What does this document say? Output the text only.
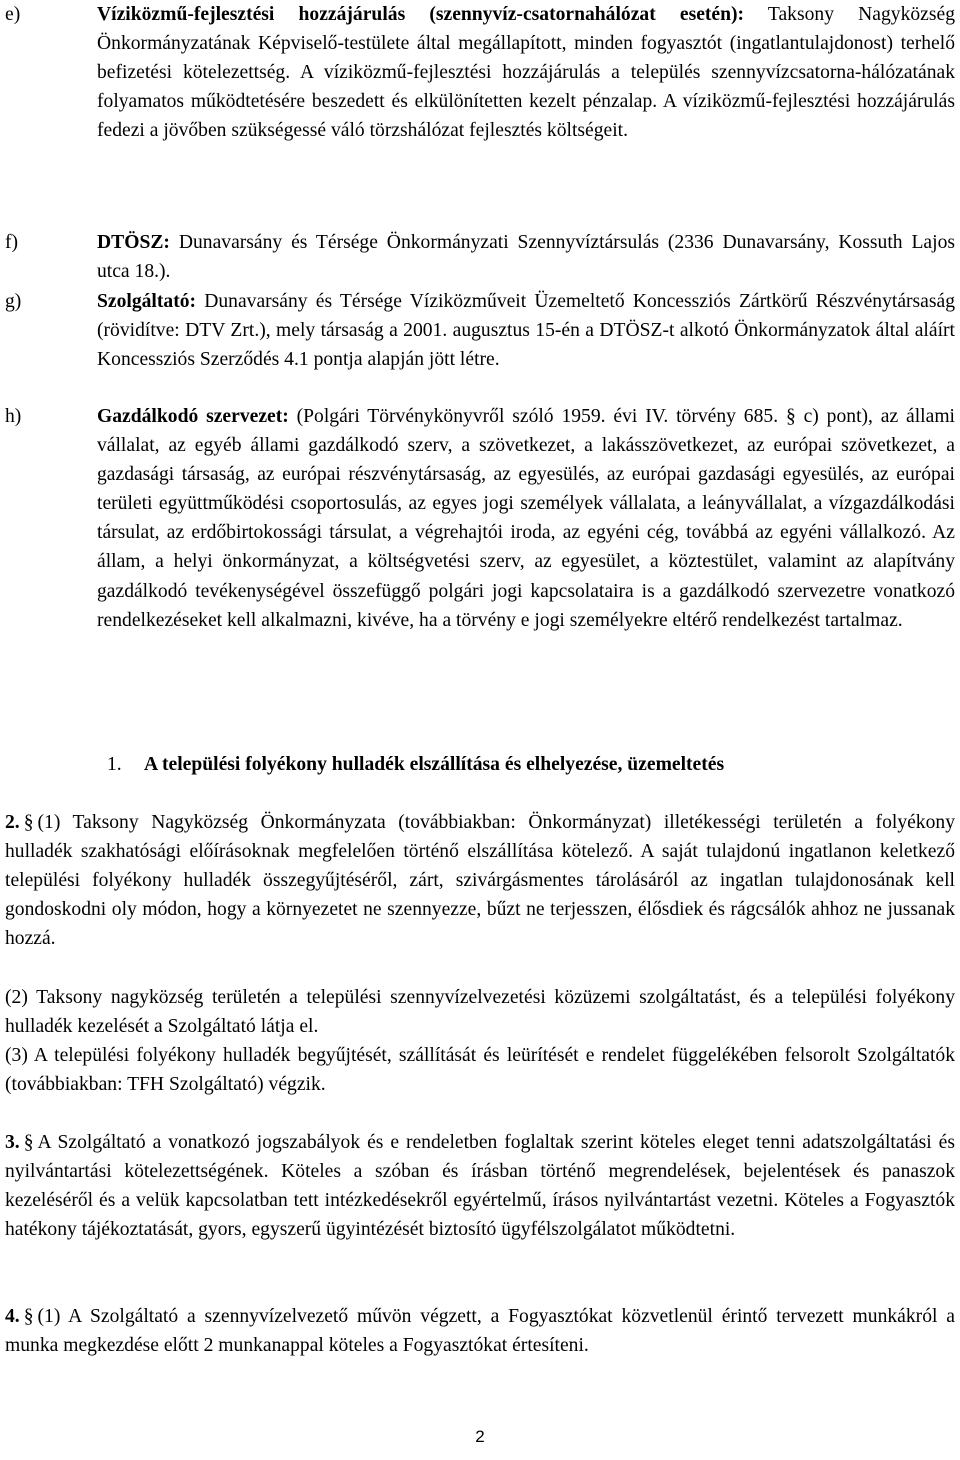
e)	Víziközmű-fejlesztési hozzájárulás (szennyvíz-csatornahálózat esetén): Taksony Nagyközség Önkormányzatának Képviselő-testülete által megállapított, minden fogyasztót (ingatlantulajdonost) terhelő befizetési kötelezettség. A víziközmű-fejlesztési hozzájárulás a település szennyvízcsatorna-hálózatának folyamatos működtetésére beszedett és elkülönítetten kezelt pénzalap. A víziközmű-fejlesztési hozzájárulás fedezi a jövőben szükségessé váló törzshálózat fejlesztés költségeit.

f)	DTÖSZ: Dunavarsány és Térsége Önkormányzati Szennyvíztársulás (2336 Dunavarsány, Kossuth Lajos utca 18.).

g)	Szolgáltató: Dunavarsány és Térsége Víziközműveit Üzemeltető Koncessziós Zártkörű Részvénytársaság (rövidítve: DTV Zrt.), mely társaság a 2001. augusztus 15-én a DTÖSZ-t alkotó Önkormányzatok által aláírt Koncessziós Szerződés 4.1 pontja alapján jött létre.

h)	Gazdálkodó szervezet: (Polgári Törvénykönyvről szóló 1959. évi IV. törvény 685. § c) pont), az állami vállalat, az egyéb állami gazdálkodó szerv, a szövetkezet, a lakásszövetkezet, az európai szövetkezet, a gazdasági társaság, az európai részvénytársaság, az egyesülés, az európai gazdasági egyesülés, az európai területi együttműködési csoportosulás, az egyes jogi személyek vállalata, a leányvállalat, a vízgazdálkodási társulat, az erdőbirtokossági társulat, a végrehajtói iroda, az egyéni cég, továbbá az egyéni vállalkozó. Az állam, a helyi önkormányzat, a költségvetési szerv, az egyesület, a köztestület, valamint az alapítvány gazdálkodó tevékenységével összefüggő polgári jogi kapcsolataira is a gazdálkodó szervezetre vonatkozó rendelkezéseket kell alkalmazni, kivéve, ha a törvény e jogi személyekre eltérő rendelkezést tartalmaz.

1. A települési folyékony hulladék elszállítása és elhelyezése, üzemeltetés

2. § (1) Taksony Nagyközség Önkormányzata (továbbiakban: Önkormányzat) illetékességi területén a folyékony hulladék szakhatósági előírásoknak megfelelően történő elszállítása kötelező. A saját tulajdonú ingatlanon keletkező települési folyékony hulladék összegyűjtéséről, zárt, szivárgásmentes tárolásáról az ingatlan tulajdonosának kell gondoskodni oly módon, hogy a környezetet ne szennyezze, bűzt ne terjesszen, élősdiek és rágcsálók ahhoz ne jussanak hozzá.

(2) Taksony nagyközség területén a települési szennyvízelvezetési közüzemi szolgáltatást, és a települési folyékony hulladék kezelését a Szolgáltató látja el.

(3) A települési folyékony hulladék begyűjtését, szállítását és leürítését e rendelet függelékében felsorolt Szolgáltatók (továbbiakban: TFH Szolgáltató) végzik.

3. § A Szolgáltató a vonatkozó jogszabályok és e rendeletben foglaltak szerint köteles eleget tenni adatszolgáltatási és nyilvántartási kötelezettségének. Köteles a szóban és írásban történő megrendelések, bejelentések és panaszok kezeléséről és a velük kapcsolatban tett intézkedésekről egyértelmű, írásos nyilvántartást vezetni. Köteles a Fogyasztók hatékony tájékoztatását, gyors, egyszerű ügyintézését biztosító ügyfélszolgálatot működtetni.

4. § (1) A Szolgáltató a szennyvízelvezető művön végzett, a Fogyasztókat közvetlenül érintő tervezett munkákról a munka megkezdése előtt 2 munkanappal köteles a Fogyasztókat értesíteni.

2
